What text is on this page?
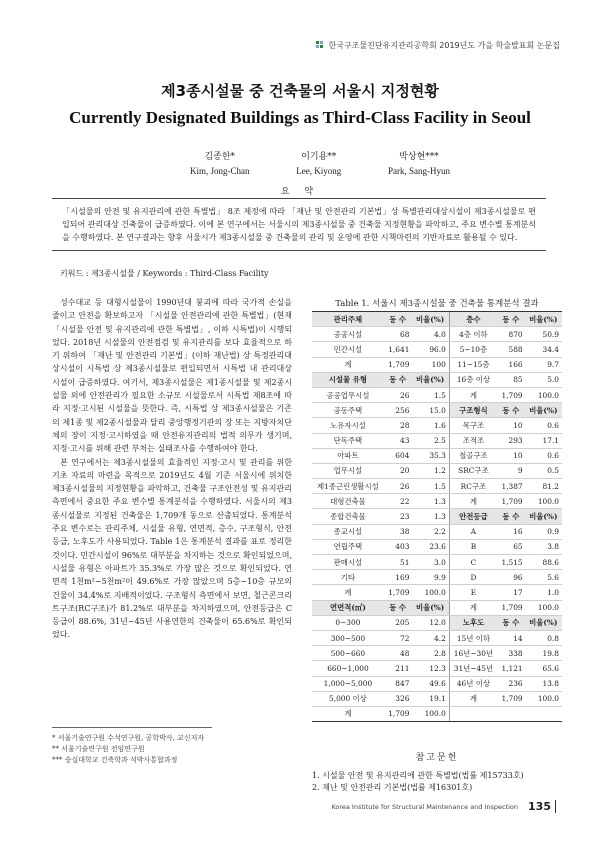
한국구조물진단유지관리공학회 2019년도 가을 학술발표회 논문집
제3종시설물 중 건축물의 서울시 지정현황
Currently Designated Buildings as Third-Class Facility in Seoul
김종한*
Kim, Jong-Chan
이기용**
Lee, Kiyong
박상현***
Park, Sang-Hyun
요 약
「시설물의 안전 및 유지관리에 관한 특별법」 8조 제정에 따라 「재난 및 안전관리 기본법」상 특별관리대상시설이 제3종시설물로 편입되어 관리대상 건축물이 급증하였다. 이에 본 연구에서는 서울시의 제3종시설물 중 건축물 지정현황을 파악하고, 주요 변수별 통계분석을 수행하였다. 본 연구결과는 향후 서울시가 제3종시설물 중 건축물의 관리 및 운영에 관한 시책마련의 기반자료로 활용될 수 있다.
키워드 : 제3종시설물 / Keywords : Third-Class Facility

성수대교 등 대형시설물이 1990년대 붕괴에 따라 국가적 손실을 줄이고 안전을 확보하고자 「시설물 안전관리에 관한 특별법」(현재 「시설물 안전 및 유지관리에 관한 특별법」, 이하 시특법)이 시행되었다. 2018년 시설물의 안전점검 및 유지관리를 보다 효율적으로 하기 위하여 「재난 및 안전관리 기본법」(이하 재난법) 상 특정관리대상시설이 시특법 상 제3종시설물로 편입되면서 시특법 내 관리대상 시설이 급증하였다. 여기서, 제3종시설물은 제1종시설물 및 제2종시설물 외에 안전관리가 필요한 소규모 시설물로서 시특법 제8조에 따라 지정·고시된 시설물을 뜻한다. 즉, 시특법 상 제3종시설물은 기존의 제1종 및 제2종시설물과 달리 중앙행정기관의 장 또는 지방자치단체의 장이 지정·고시하였을 때 안전유지관리의 법적 의무가 생기며, 지정·고시를 위해 관련 부처는 실태조사를 수행하여야 한다.

본 연구에서는 제3종시설물의 효율적인 지정·고시 및 관리를 위한 기초 자료의 마련을 목적으로 2019년도 4월 기준 서울시에 위치한 제3종시설물의 지정현황을 파악하고, 건축물 구조안전성 및 유지관리 측면에서 중요한 주요 변수별 통계분석을 수행하였다. 서울시의 제3종시설물로 지정된 건축물은 1,709개 동으로 산출되었다. 통계분석 주요 변수로는 관리주체, 시설물 유형, 연면적, 층수, 구조형식, 안전등급, 노후도가 사용되었다. Table 1은 통계분석 결과를 표로 정리한 것이다. 민간시설이 96%로 대부분을 차지하는 것으로 확인되었으며, 시설물 유형은 아파트가 35.3%로 가장 많은 것으로 확인되었다. 연면적 1천m²~5천m²이 49.6%로 가장 많았으며 5층~10층 규모의 건물이 34.4%로 지배적이었다. 구조형식 측면에서 보면, 철근콘크리트구조(RC구조)가 81.2%로 대부분을 차지하였으며, 안전등급은 C등급이 88.6%, 31년~45년 사용연한의 건축물이 65.6%로 확인되었다.

Table 1. 서울시 제3종시설물 중 건축물 통계분석 결과
관리주체	동 수	비율(%)	층수	동 수	비율(%)
공공시설	68	4.0	4층 이하	870	50.9
민간시설	1,641	96.0	5~10층	588	34.4
계	1,709	100	11~15층	166	9.7
시설물 유형	동 수	비율(%)	16층 이상	85	5.0
공공업무시설	26	1.5	계	1,709	100.0
공동주택	256	15.0	구조형식	동 수	비율(%)
노유자시설	28	1.6	목구조	10	0.6
단독주택	43	2.5	조적조	293	17.1
아파트	604	35.3	철골구조	10	0.6
업무시설	20	1.2	SRC구조	9	0.5
제1종근린생활시설	26	1.5	RC구조	1,387	81.2
대형건축물	22	1.3	계	1,709	100.0
종합건축물	23	1.3	안전등급	동 수	비율(%)
종교시설	38	2.2	A	16	0.9
연립주택	403	23.6	B	65	3.8
판매시설	51	3.0	C	1,515	88.6
기타	169	9.9	D	96	5.6
계	1,709	100.0	E	17	1.0
연면적(㎡)	동 수	비율(%)	계	1,709	100.0
0~300	205	12.0	노후도	동 수	비율(%)
300~500	72	4.2	15년 이하	14	0.8
500~660	48	2.8	16년~30년	338	19.8
660~1,000	211	12.3	31년~45년	1,121	65.6
1,000~5,000	847	49.6	46년 이상	236	13.8
5,000 이상	326	19.1	계	1,709	100.0
계	1,709	100.0			
* 서울기술연구원 수석연구원, 공학박사, 교신저자
** 서울기술연구원 전임연구원
*** 숭실대학교 건축학과 석박사통합과정	참고문헌
1. 시설물 안전 및 유지관리에 관한 특별법(법률 제15733호)
2. 재난 및 안전관리 기본법(법률 제16301호)
Korea Institute for Structural Maintenance and Inspection 135
